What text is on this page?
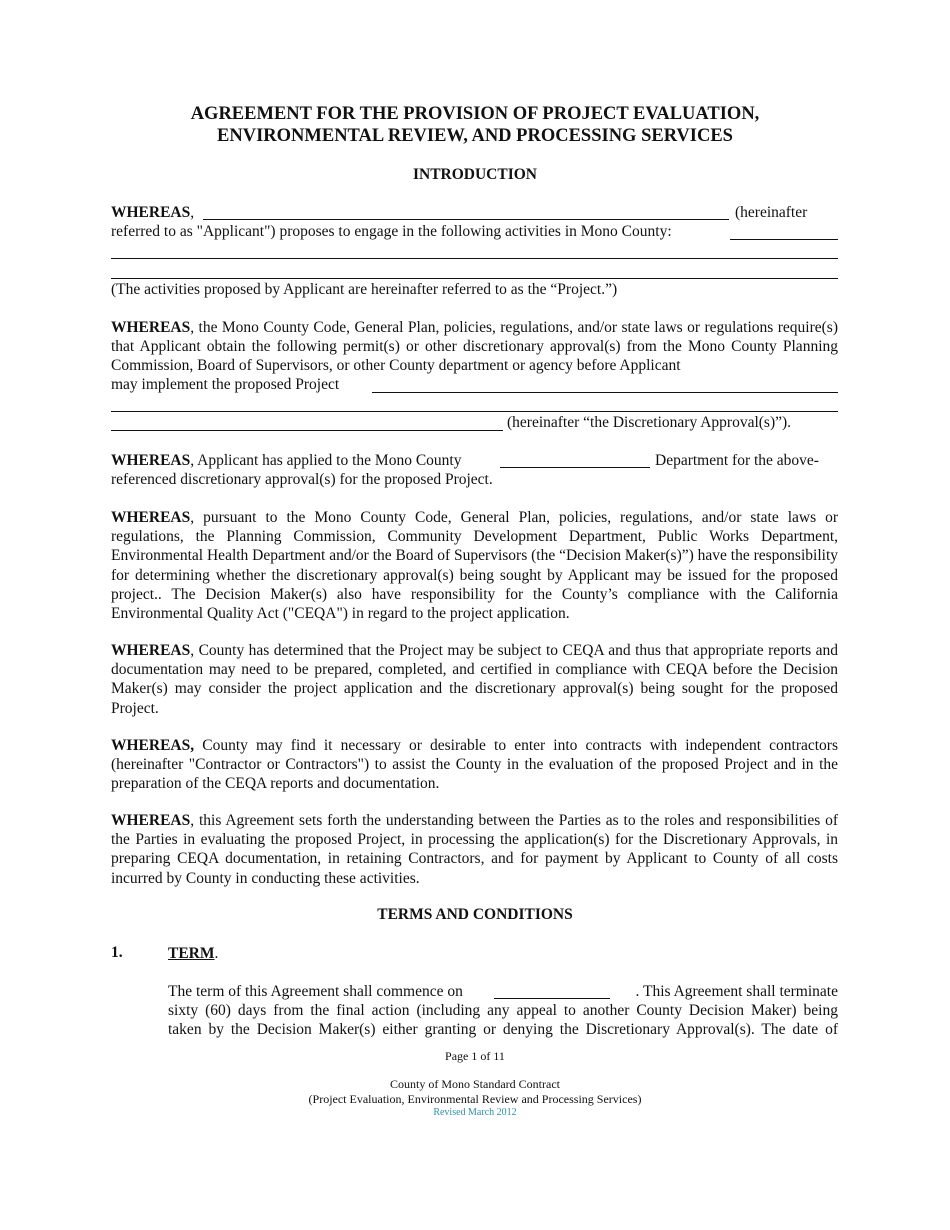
AGREEMENT FOR THE PROVISION OF PROJECT EVALUATION,
ENVIRONMENTAL REVIEW, AND PROCESSING SERVICES
INTRODUCTION
WHEREAS,	(hereinafter
referred to as "Applicant") proposes to engage in the following activities in Mono County:
(The activities proposed by Applicant are hereinafter referred to as the “Project.”)
WHEREAS, the Mono County Code, General Plan, policies, regulations, and/or state laws or regulations require(s) that Applicant obtain the following permit(s) or other discretionary approval(s) from the Mono County Planning Commission, Board of Supervisors, or other County department or agency before Applicant
may implement the proposed Project
(hereinafter “the Discretionary Approval(s)”).
WHEREAS, Applicant has applied to the Mono County	Department for the above-
referenced discretionary approval(s) for the proposed Project.
WHEREAS, pursuant to the Mono County Code, General Plan, policies, regulations, and/or state laws or regulations, the Planning Commission, Community Development Department, Public Works Department, Environmental Health Department and/or the Board of Supervisors (the “Decision Maker(s)”) have the responsibility for determining whether the discretionary approval(s) being sought by Applicant may be issued for the proposed project.. The Decision Maker(s) also have responsibility for the County’s compliance with the California Environmental Quality Act ("CEQA") in regard to the project application.
WHEREAS, County has determined that the Project may be subject to CEQA and thus that appropriate reports and documentation may need to be prepared, completed, and certified in compliance with CEQA before the Decision Maker(s) may consider the project application and the discretionary approval(s) being sought for the proposed Project.
WHEREAS, County may find it necessary or desirable to enter into contracts with independent contractors (hereinafter "Contractor or Contractors") to assist the County in the evaluation of the proposed Project and in the preparation of the CEQA reports and documentation.
WHEREAS, this Agreement sets forth the understanding between the Parties as to the roles and responsibilities of the Parties in evaluating the proposed Project, in processing the application(s) for the Discretionary Approvals, in preparing CEQA documentation, in retaining Contractors, and for payment by Applicant to County of all costs incurred by County in conducting these activities.
TERMS AND CONDITIONS
1.	TERM.
The term of this Agreement shall commence on	. This Agreement shall terminate
sixty (60) days from the final action (including any appeal to another County Decision Maker) being
taken by the Decision Maker(s) either granting or denying the Discretionary Approval(s). The date of
Page 1 of 11
County of Mono Standard Contract
(Project Evaluation, Environmental Review and Processing Services)
Revised March 2012
